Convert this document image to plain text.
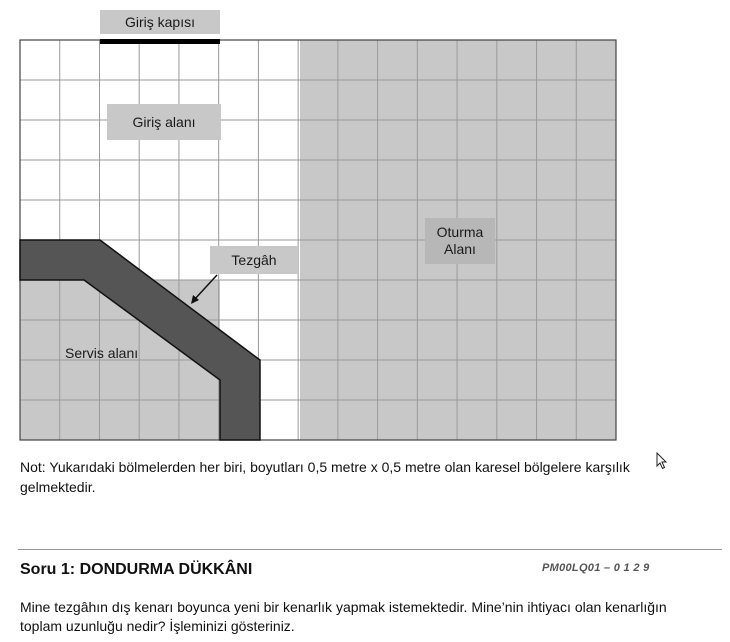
Giriş kapısı
Giriş alanı
Tezgâh
Oturma
Alanı
Servis alanı
Not: Yukarıdaki bölmelerden her biri, boyutları 0,5 metre x 0,5 metre olan karesel bölgelere karşılık gelmektedir.
Soru 1: DONDURMA DÜKKÂNI	PM00LQ01 – 0 1 2 9
Mine tezgâhın dış kenarı boyunca yeni bir kenarlık yapmak istemektedir. Mine’nin ihtiyacı olan kenarlığın toplam uzunluğu nedir? İşleminizi gösteriniz.
